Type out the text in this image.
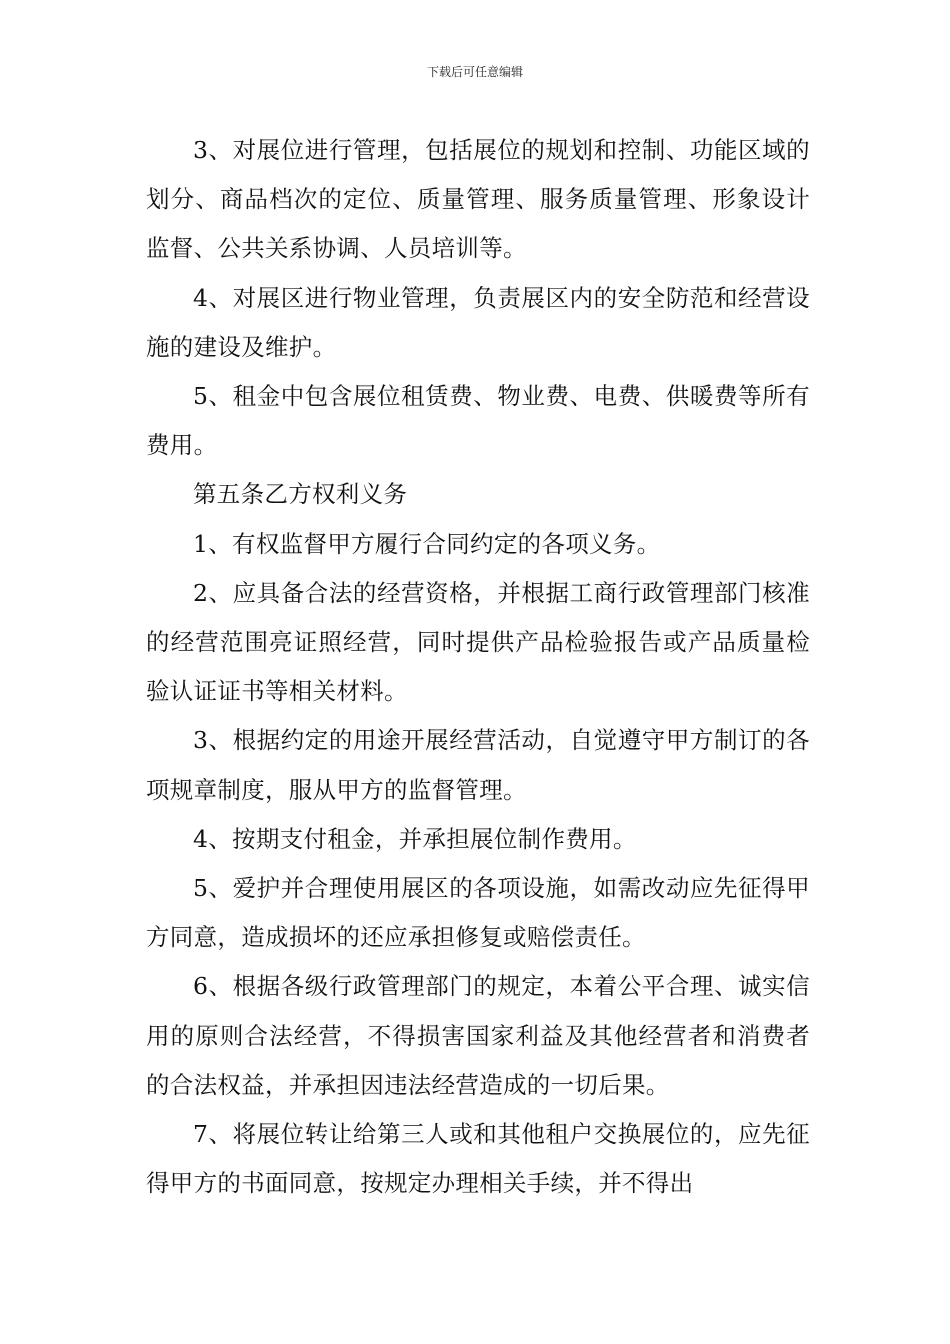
下载后可任意编辑

3、对展位进行管理，包括展位的规划和控制、功能区域的划分、商品档次的定位、质量管理、服务质量管理、形象设计监督、公共关系协调、人员培训等。

4、对展区进行物业管理，负责展区内的安全防范和经营设施的建设及维护。

5、租金中包含展位租赁费、物业费、电费、供暖费等所有费用。

第五条乙方权利义务

1、有权监督甲方履行合同约定的各项义务。

2、应具备合法的经营资格，并根据工商行政管理部门核准的经营范围亮证照经营，同时提供产品检验报告或产品质量检验认证证书等相关材料。

3、根据约定的用途开展经营活动，自觉遵守甲方制订的各项规章制度，服从甲方的监督管理。

4、按期支付租金，并承担展位制作费用。

5、爱护并合理使用展区的各项设施，如需改动应先征得甲方同意，造成损坏的还应承担修复或赔偿责任。

6、根据各级行政管理部门的规定，本着公平合理、诚实信用的原则合法经营，不得损害国家利益及其他经营者和消费者的合法权益，并承担因违法经营造成的一切后果。

7、将展位转让给第三人或和其他租户交换展位的，应先征得甲方的书面同意，按规定办理相关手续，并不得出
